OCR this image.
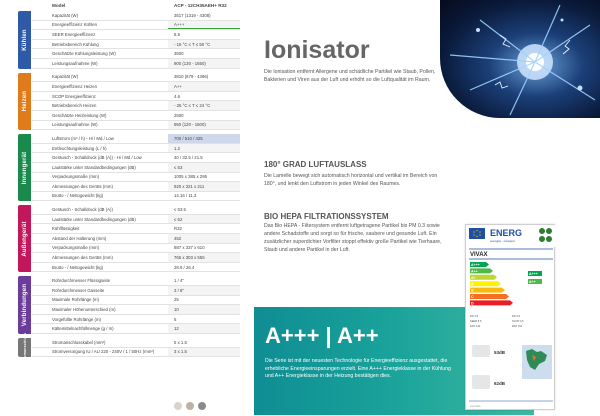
Model	ACP - 12CH35AEH+ R32
Kühlen
Kapazität (W)	3517 (1319 - 4308)
Energieeffizienz Kühlen	A+++
SEER Energieeffizienz	8.5
Betriebsbereich Kühlung	- 15 °C ≤ T ≤ 50 °C
Geschätzte Kühlungsleistung (W)	3500
Leistungsaufnahme (W)	900 (130 - 1650)
Heizen
Kapazität (W)	3810 (879 - 4396)
Energieeffizienz Heizen	A++
SCOP Energieeffizienz	4.6
Betriebsbereich Heizen	- 25 °C ≤ T ≤ 24 °C
Geschätzte Heizleistung (W)	2500
Leistungsaufnahme (W)	950 (120 - 1500)
Innengerät
Luftstrom (m³ / h) - Hi / Md / Low	700 / 510 / 425
Entfeuchtungsleistung (L / h)	1.2
Geräusch - Schalldruck (dB (A)) - Hi / Md / Low	40 / 32.5 / 21.5
Lautstärke unter Standardbedingungen (dB)	≤ 53
Verpackungsmaße (mm)	1005 x 385 x 295
Abmessungen des Geräts (mm)	920 x 321 x 211
Brutto - / Nettogewicht (kg)	14.16 / 11.3
Außengerät
Geräusch - Schalldruck (dB (A))	≤ 53.5
Lautstärke unter Standardbedingungen (dB)	≤ 62
Kühlflüssigkeit	R32
Abstand der Halterung (mm)	452
Verpackungsmaße (mm)	887 x 337 x 610
Abmessungen des Geräts (mm)	765 x 303 x 555
Brutto - / Nettogewicht (kg)	28.8 / 26.4
Verbindungen
Rohrdurchmesser Flüssigseite	1 / 4"
Rohrdurchmesser Gasseite	3 / 8"
Maximale Rohrlänge (m)	25
Maximaler Höhenunterschied (m)	10
Vorgefüllte Rohrlänge (m)	5
Kältemittelnachfüllmenge (g / m)	12
Stromanschluss	Stromanschlusskabel (mm²)	5 x 1.5
Stromversorgung IU / AU 220 - 240V / 1 / 50Hz (mm²)	3 x 1.5
Ionisator
Die Ionisation entfernt Allergene und schädliche Partikel wie Staub, Pollen, Bakterien und Viren aus der Luft und erhöht so die Luftqualität im Raum.
180° GRAD LUFTAUSLASS
Die Lamelle bewegt sich automatisch horizontal und vertikal im Bereich von 180°, und lenkt den Luftstrom in jeden Winkel des Raumes.
BIO HEPA FILTRATIONSSYSTEM
Das Bio HEPA - Filtersystem entfernt luftgetragene Partikel bis PM 0.3 sowie andere Schadstoffe und sorgt so für frische, saubere und gesunde Luft. Ein zusätzlicher superdichter Vorfilter stoppt effektiv große Partikel wie Tierhaare, Staub und andere Partikel in der Luft.
A+++ | A++
Die Serie ist mit der neuesten Technologie für Energieeffizienz ausgestattet, die erhebliche Energieeinsparungen erzielt. Eine A+++ Energieklasse in der Kühlung und A++ Energieklasse in der Heizung bestätigen dies.
ENERG
energия · ενέργεια
VIVAX
A+++
A++
A+
A
B
C
D
A+++
A++
kW 3,5
SEER 8,5
kWh 144
kW 2,5
SCOP 4,6
kWh 761
53dB
62dB
2021/1369
